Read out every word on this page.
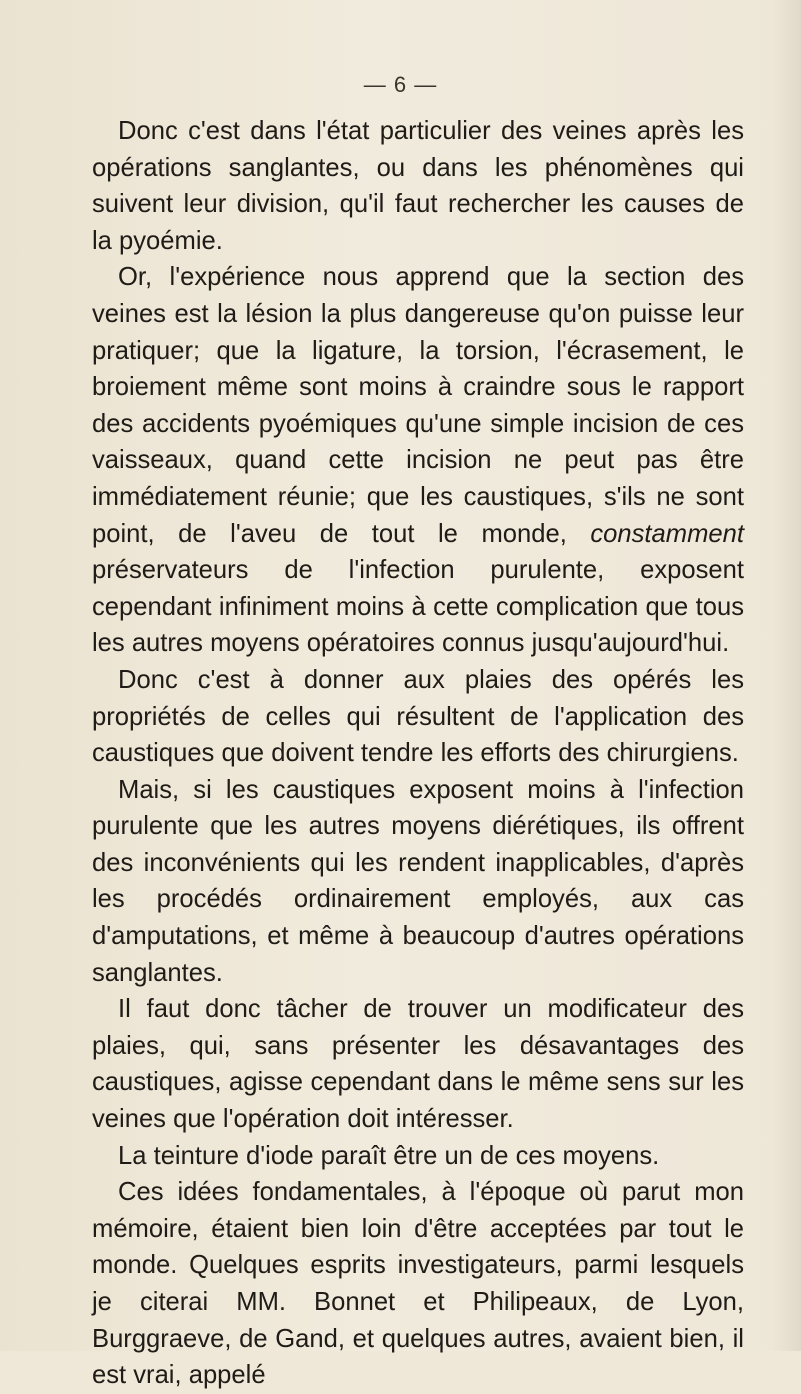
— 6 —

Donc c'est dans l'état particulier des veines après les opérations sanglantes, ou dans les phénomènes qui suivent leur division, qu'il faut rechercher les causes de la pyoémie.

Or, l'expérience nous apprend que la section des veines est la lésion la plus dangereuse qu'on puisse leur pratiquer; que la ligature, la torsion, l'écrasement, le broiement même sont moins à craindre sous le rapport des accidents pyoémiques qu'une simple incision de ces vaisseaux, quand cette incision ne peut pas être immédiatement réunie; que les caustiques, s'ils ne sont point, de l'aveu de tout le monde, constamment préservateurs de l'infection purulente, exposent cependant infiniment moins à cette complication que tous les autres moyens opératoires connus jusqu'aujourd'hui.

Donc c'est à donner aux plaies des opérés les propriétés de celles qui résultent de l'application des caustiques que doivent tendre les efforts des chirurgiens.

Mais, si les caustiques exposent moins à l'infection purulente que les autres moyens diérétiques, ils offrent des inconvénients qui les rendent inapplicables, d'après les procédés ordinairement employés, aux cas d'amputations, et même à beaucoup d'autres opérations sanglantes.

Il faut donc tâcher de trouver un modificateur des plaies, qui, sans présenter les désavantages des caustiques, agisse cependant dans le même sens sur les veines que l'opération doit intéresser.

La teinture d'iode paraît être un de ces moyens.

Ces idées fondamentales, à l'époque où parut mon mémoire, étaient bien loin d'être acceptées par tout le monde. Quelques esprits investigateurs, parmi lesquels je citerai MM. Bonnet et Philipeaux, de Lyon, Burggraeve, de Gand, et quelques autres, avaient bien, il est vrai, appelé
